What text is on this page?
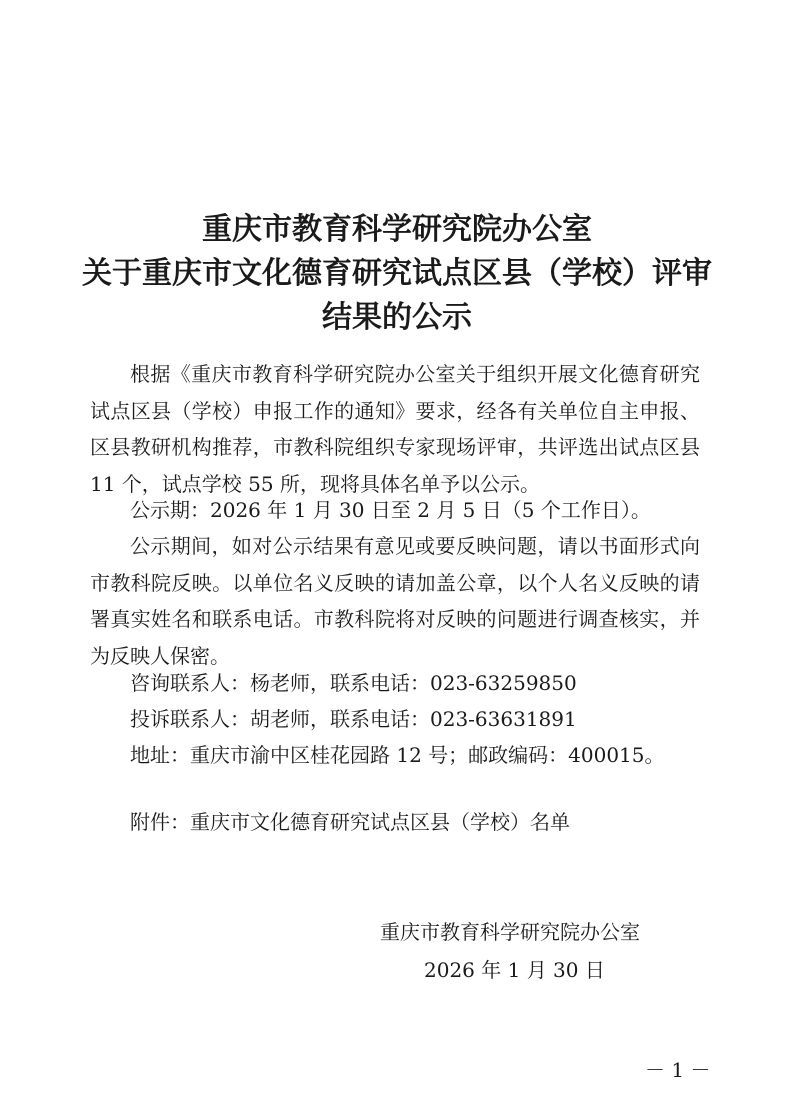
重庆市教育科学研究院办公室
关于重庆市文化德育研究试点区县（学校）评审
结果的公示

根据《重庆市教育科学研究院办公室关于组织开展文化德育研究试点区县（学校）申报工作的通知》要求，经各有关单位自主申报、区县教研机构推荐，市教科院组织专家现场评审，共评选出试点区县 11 个，试点学校 55 所，现将具体名单予以公示。

公示期：2026 年 1 月 30 日至 2 月 5 日（5 个工作日）。

公示期间，如对公示结果有意见或要反映问题，请以书面形式向市教科院反映。以单位名义反映的请加盖公章，以个人名义反映的请署真实姓名和联系电话。市教科院将对反映的问题进行调查核实，并为反映人保密。

咨询联系人：杨老师，联系电话：023-63259850

投诉联系人：胡老师，联系电话：023-63631891

地址：重庆市渝中区桂花园路 12 号；邮政编码：400015。

附件：重庆市文化德育研究试点区县（学校）名单

重庆市教育科学研究院办公室
2026 年 1 月 30 日
－ 1 －
